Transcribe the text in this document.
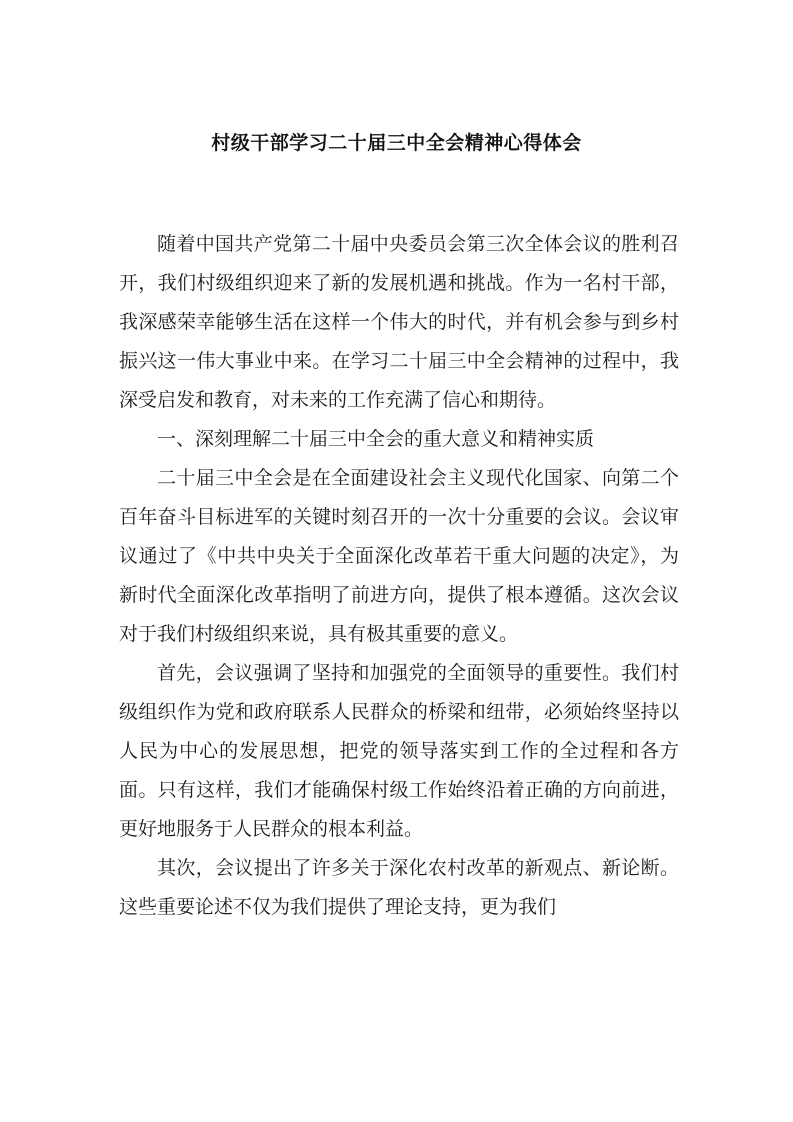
村级干部学习二十届三中全会精神心得体会

随着中国共产党第二十届中央委员会第三次全体会议的胜利召开，我们村级组织迎来了新的发展机遇和挑战。作为一名村干部，我深感荣幸能够生活在这样一个伟大的时代，并有机会参与到乡村振兴这一伟大事业中来。在学习二十届三中全会精神的过程中，我深受启发和教育，对未来的工作充满了信心和期待。

一、深刻理解二十届三中全会的重大意义和精神实质

二十届三中全会是在全面建设社会主义现代化国家、向第二个百年奋斗目标进军的关键时刻召开的一次十分重要的会议。会议审议通过了《中共中央关于全面深化改革若干重大问题的决定》，为新时代全面深化改革指明了前进方向，提供了根本遵循。这次会议对于我们村级组织来说，具有极其重要的意义。

首先，会议强调了坚持和加强党的全面领导的重要性。我们村级组织作为党和政府联系人民群众的桥梁和纽带，必须始终坚持以人民为中心的发展思想，把党的领导落实到工作的全过程和各方面。只有这样，我们才能确保村级工作始终沿着正确的方向前进，更好地服务于人民群众的根本利益。

其次，会议提出了许多关于深化农村改革的新观点、新论断。这些重要论述不仅为我们提供了理论支持，更为我们
